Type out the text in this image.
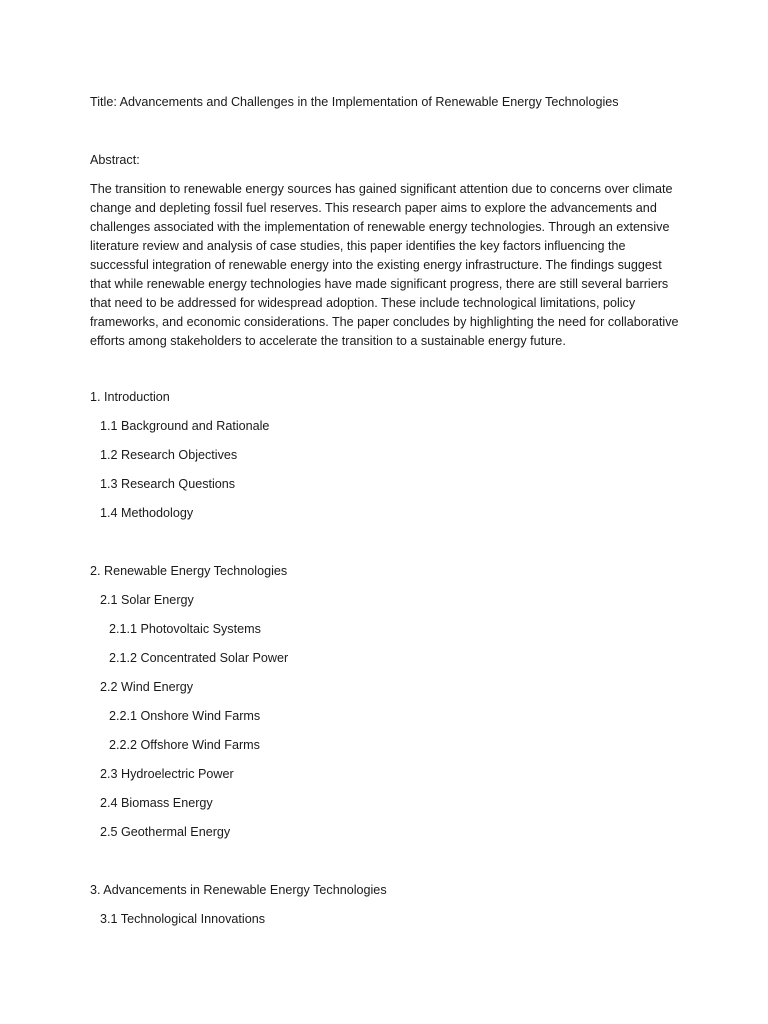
Title: Advancements and Challenges in the Implementation of Renewable Energy Technologies
Abstract:

The transition to renewable energy sources has gained significant attention due to concerns over climate change and depleting fossil fuel reserves. This research paper aims to explore the advancements and challenges associated with the implementation of renewable energy technologies. Through an extensive literature review and analysis of case studies, this paper identifies the key factors influencing the successful integration of renewable energy into the existing energy infrastructure. The findings suggest that while renewable energy technologies have made significant progress, there are still several barriers that need to be addressed for widespread adoption. These include technological limitations, policy frameworks, and economic considerations. The paper concludes by highlighting the need for collaborative efforts among stakeholders to accelerate the transition to a sustainable energy future.

1. Introduction
1.1 Background and Rationale
1.2 Research Objectives
1.3 Research Questions
1.4 Methodology
2. Renewable Energy Technologies
2.1 Solar Energy
2.1.1 Photovoltaic Systems
2.1.2 Concentrated Solar Power
2.2 Wind Energy
2.2.1 Onshore Wind Farms
2.2.2 Offshore Wind Farms
2.3 Hydroelectric Power
2.4 Biomass Energy
2.5 Geothermal Energy
3. Advancements in Renewable Energy Technologies
3.1 Technological Innovations
